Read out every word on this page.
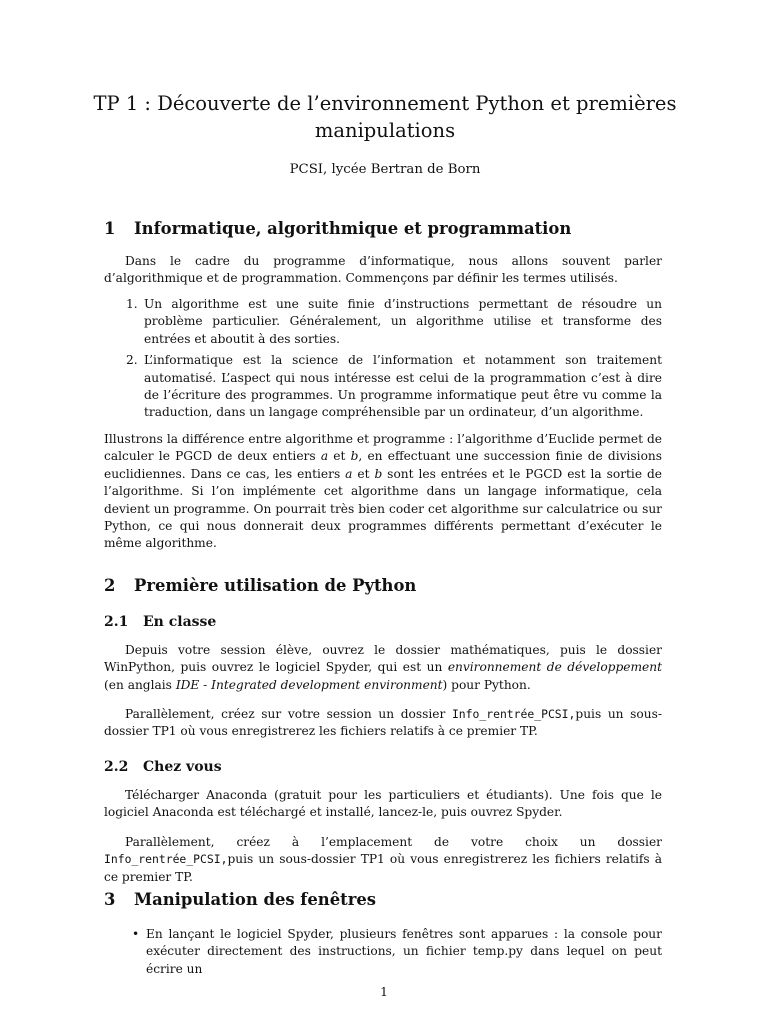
TP 1 : Découverte de l’environnement Python et premières manipulations

PCSI, lycée Bertran de Born

1 Informatique, algorithmique et programmation

Dans le cadre du programme d’informatique, nous allons souvent parler d’algorithmique et de programmation. Commençons par définir les termes utilisés.

1. Un algorithme est une suite finie d’instructions permettant de résoudre un problème particulier. Généralement, un algorithme utilise et transforme des entrées et aboutit à des sorties.
2. L’informatique est la science de l’information et notamment son traitement automatisé. L’aspect qui nous intéresse est celui de la programmation c’est à dire de l’écriture des programmes. Un programme informatique peut être vu comme la traduction, dans un langage compréhensible par un ordinateur, d’un algorithme.

Illustrons la différence entre algorithme et programme : l’algorithme d’Euclide permet de calculer le PGCD de deux entiers a et b, en effectuant une succession finie de divisions euclidiennes. Dans ce cas, les entiers a et b sont les entrées et le PGCD est la sortie de l’algorithme. Si l’on implémente cet algorithme dans un langage informatique, cela devient un programme. On pourrait très bien coder cet algorithme sur calculatrice ou sur Python, ce qui nous donnerait deux programmes différents permettant d’exécuter le même algorithme.

2 Première utilisation de Python
2.1 En classe

Depuis votre session élève, ouvrez le dossier mathématiques, puis le dossier WinPython, puis ouvrez le logiciel Spyder, qui est un environnement de développement (en anglais IDE - Integrated development environment) pour Python.

Parallèlement, créez sur votre session un dossier Info_rentrée_PCSI,puis un sous-dossier TP1 où vous enregistrerez les fichiers relatifs à ce premier TP.

2.2 Chez vous

Télécharger Anaconda (gratuit pour les particuliers et étudiants). Une fois que le logiciel Anaconda est téléchargé et installé, lancez-le, puis ouvrez Spyder.

Parallèlement, créez à l’emplacement de votre choix un dossier Info_rentrée_PCSI,puis un sous-dossier TP1 où vous enregistrerez les fichiers relatifs à ce premier TP.

3 Manipulation des fenêtres
• En lançant le logiciel Spyder, plusieurs fenêtres sont apparues : la console pour exécuter directement des instructions, un fichier temp.py dans lequel on peut écrire un
1
